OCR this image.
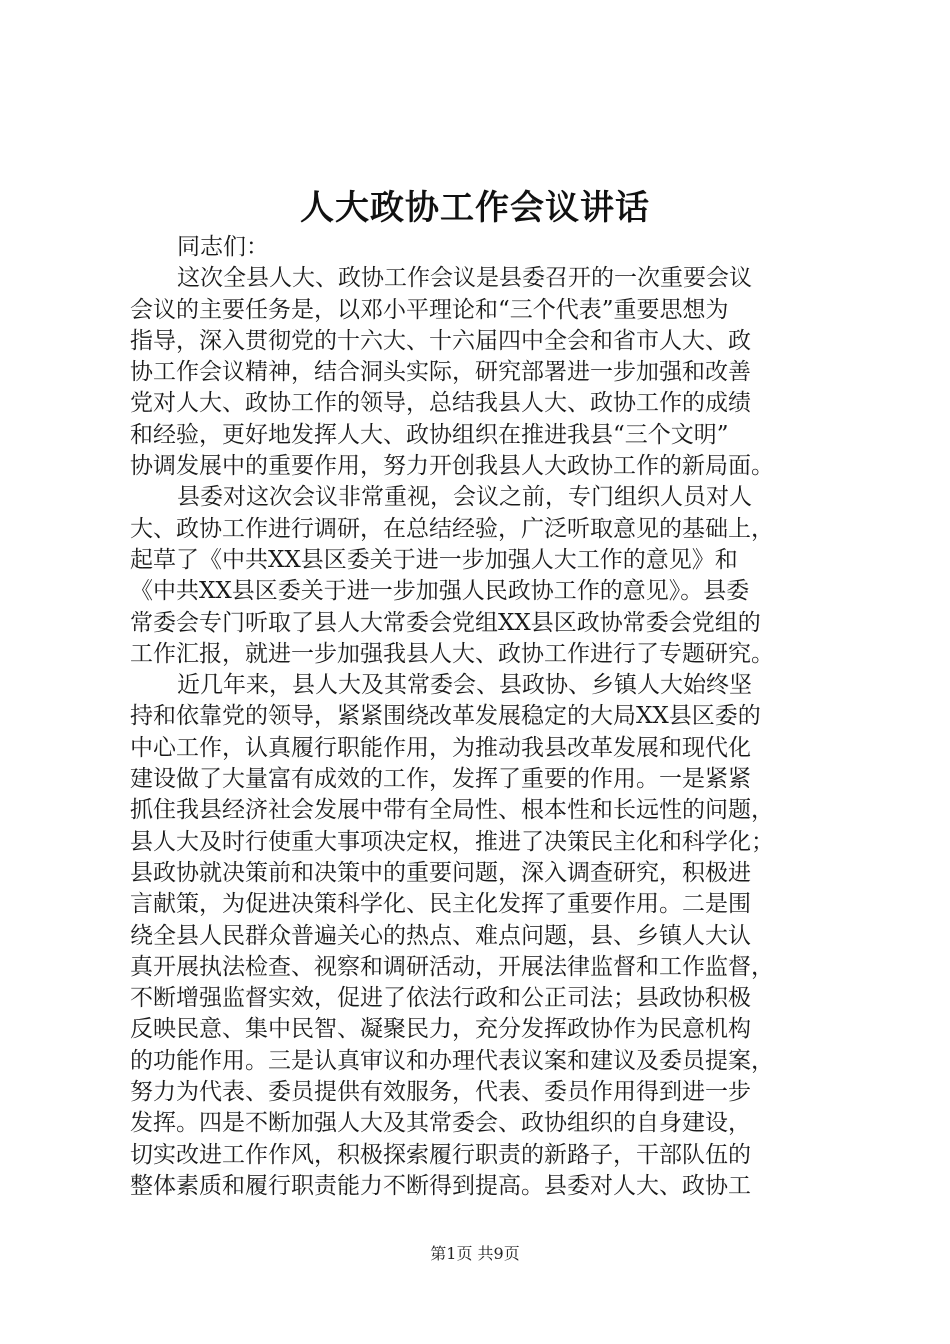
人大政协工作会议讲话
同志们：
这次全县人大、政协工作会议是县委召开的一次重要会议
会议的主要任务是，以邓小平理论和“三个代表”重要思想为
指导，深入贯彻党的十六大、十六届四中全会和省市人大、政
协工作会议精神，结合洞头实际，研究部署进一步加强和改善
党对人大、政协工作的领导，总结我县人大、政协工作的成绩
和经验，更好地发挥人大、政协组织在推进我县“三个文明”
协调发展中的重要作用，努力开创我县人大政协工作的新局面。
县委对这次会议非常重视，会议之前，专门组织人员对人
大、政协工作进行调研，在总结经验，广泛听取意见的基础上，
起草了《中共XX县区委关于进一步加强人大工作的意见》和
《中共XX县区委关于进一步加强人民政协工作的意见》。县委
常委会专门听取了县人大常委会党组XX县区政协常委会党组的
工作汇报，就进一步加强我县人大、政协工作进行了专题研究。
近几年来，县人大及其常委会、县政协、乡镇人大始终坚
持和依靠党的领导，紧紧围绕改革发展稳定的大局XX县区委的
中心工作，认真履行职能作用，为推动我县改革发展和现代化
建设做了大量富有成效的工作，发挥了重要的作用。一是紧紧
抓住我县经济社会发展中带有全局性、根本性和长远性的问题，
县人大及时行使重大事项决定权，推进了决策民主化和科学化；
县政协就决策前和决策中的重要问题，深入调查研究，积极进
言献策，为促进决策科学化、民主化发挥了重要作用。二是围
绕全县人民群众普遍关心的热点、难点问题，县、乡镇人大认
真开展执法检查、视察和调研活动，开展法律监督和工作监督，
不断增强监督实效，促进了依法行政和公正司法；县政协积极
反映民意、集中民智、凝聚民力，充分发挥政协作为民意机构
的功能作用。三是认真审议和办理代表议案和建议及委员提案，
努力为代表、委员提供有效服务，代表、委员作用得到进一步
发挥。四是不断加强人大及其常委会、政协组织的自身建设，
切实改进工作作风，积极探索履行职责的新路子，干部队伍的
整体素质和履行职责能力不断得到提高。县委对人大、政协工
第1页 共9页
